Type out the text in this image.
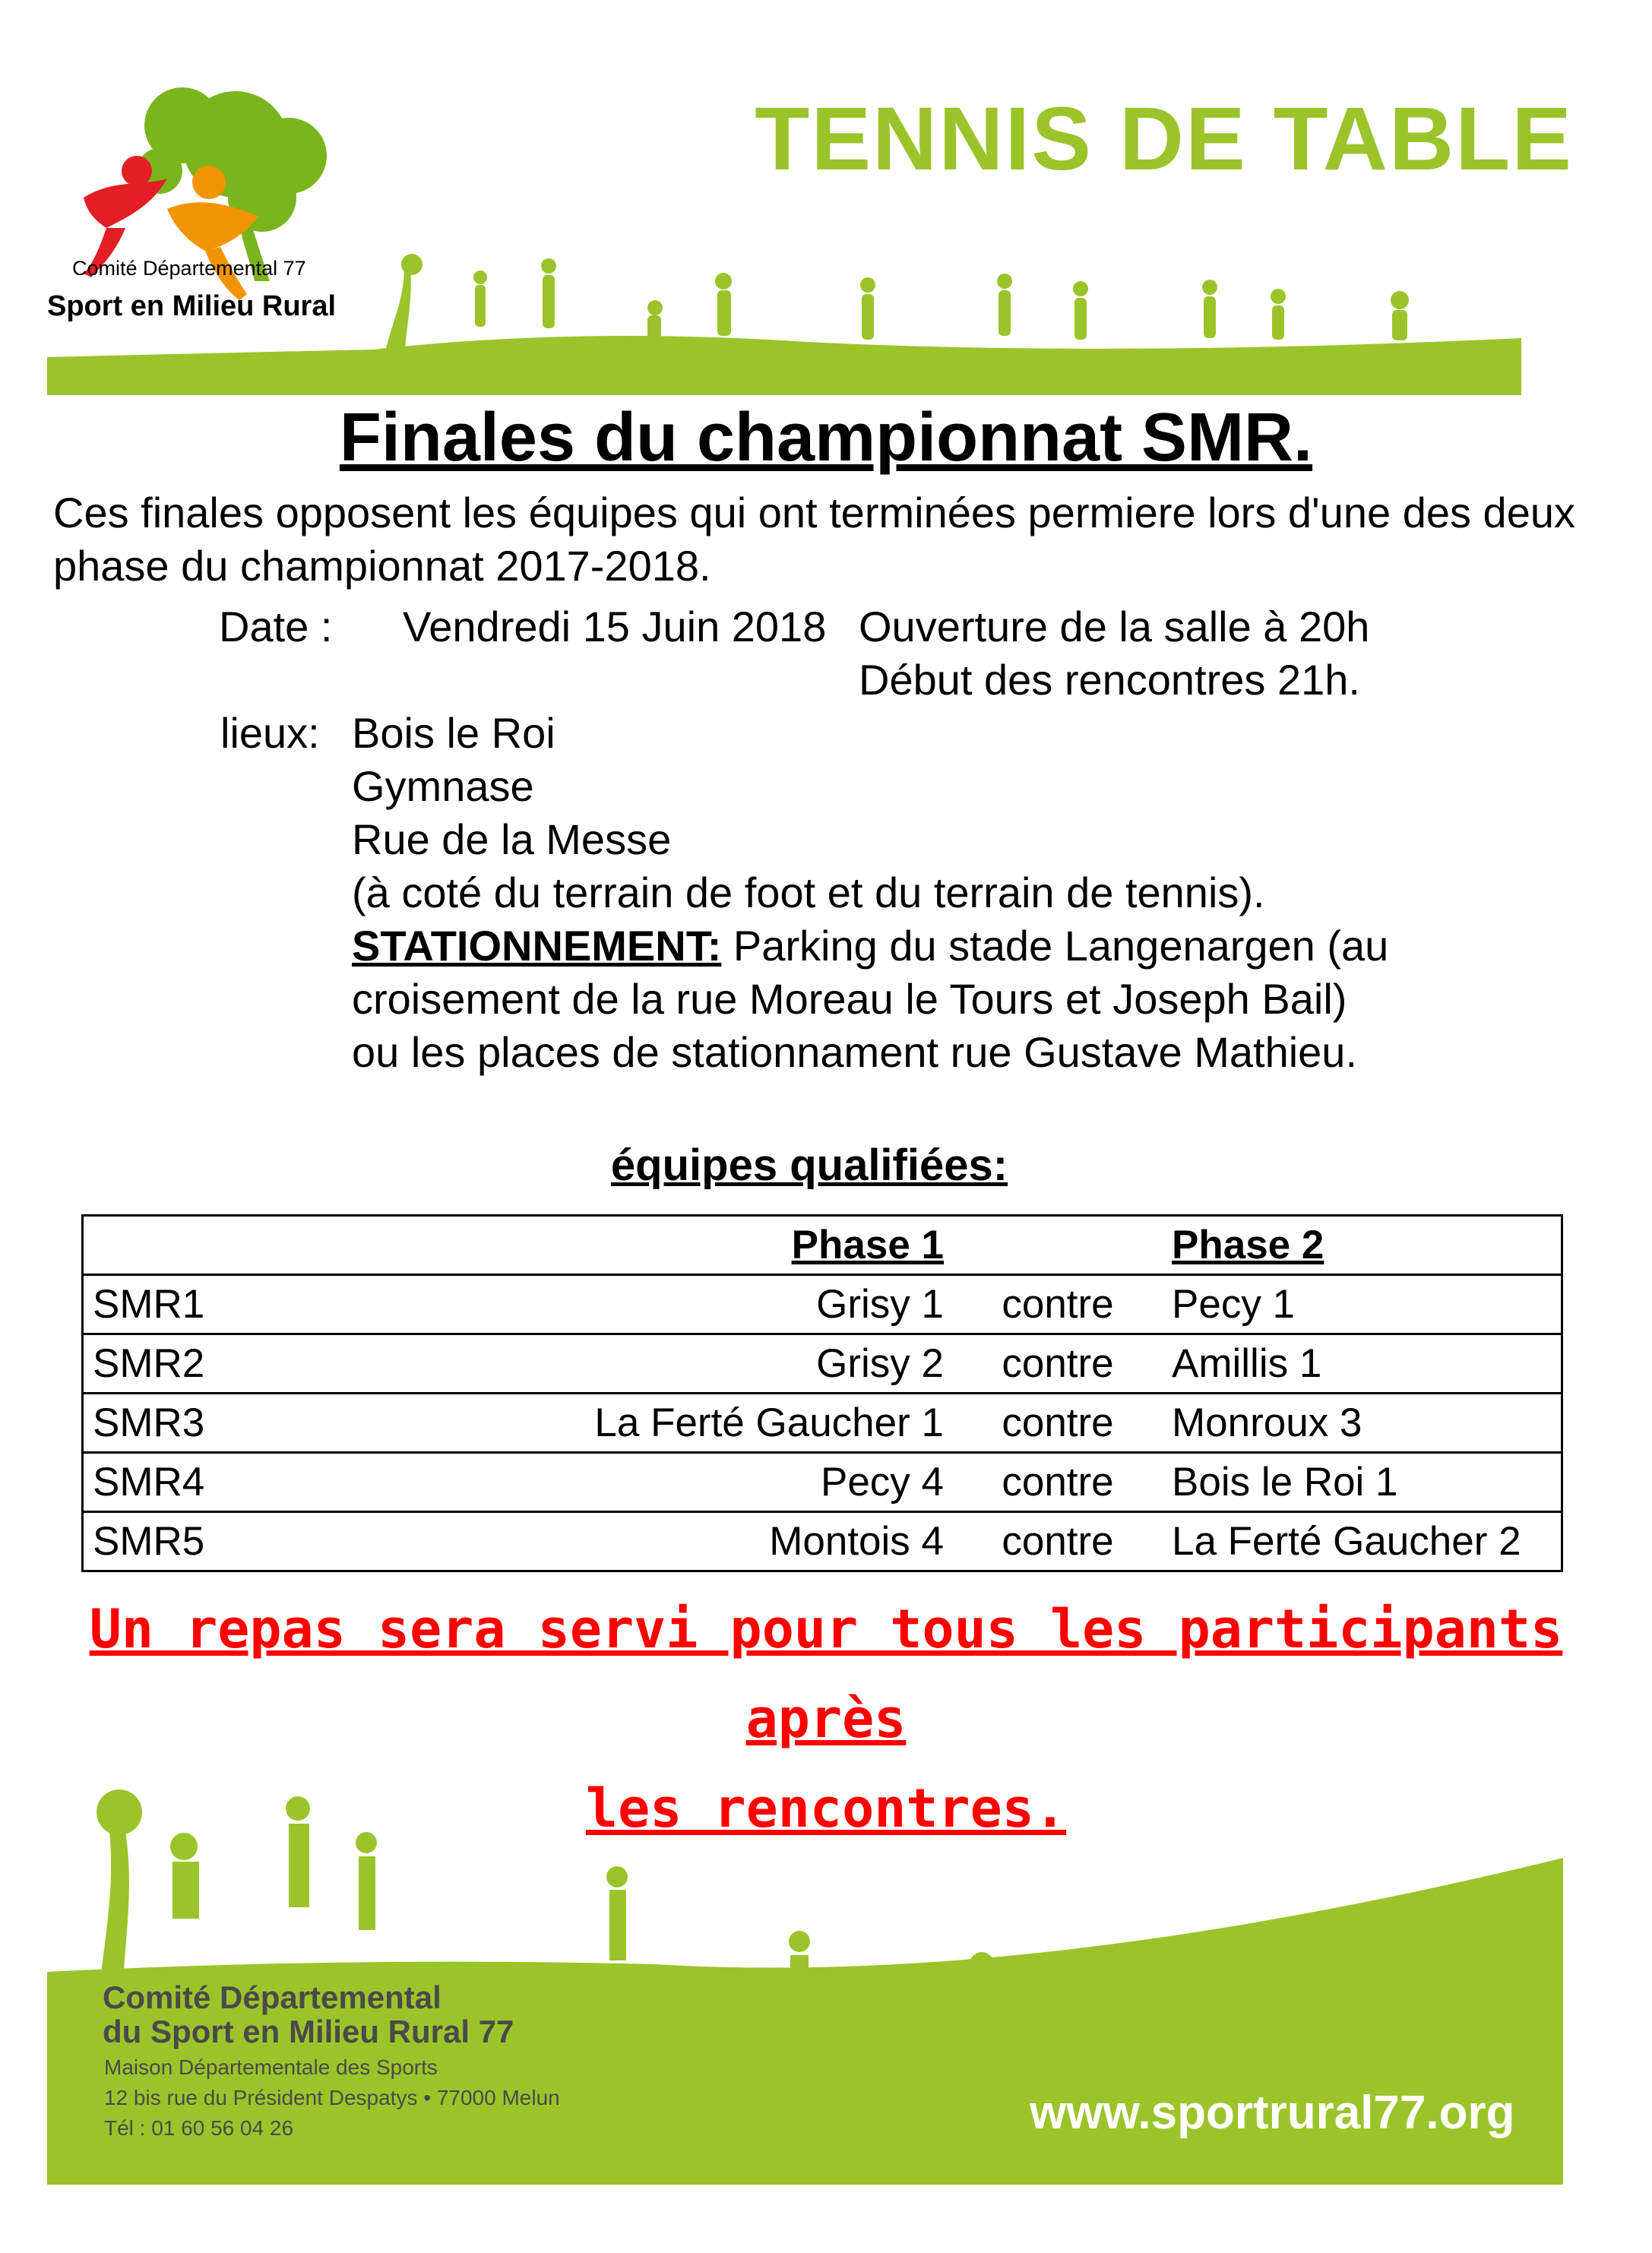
Comité Départemental 77
Sport en Milieu Rural
TENNIS DE TABLE
Finales du championnat SMR.
Ces finales opposent les équipes qui ont terminées permiere lors d'une des deux phase du championnat 2017-2018.
Date : Vendredi 15 Juin 2018 Ouverture de la salle à 20h
Début des rencontres 21h.
lieux: Bois le Roi
Gymnase
Rue de la Messe
(à coté du terrain de foot et du terrain de tennis).
STATIONNEMENT: Parking du stade Langenargen (au
croisement de la rue Moreau le Tours et Joseph Bail)
ou les places de stationnament rue Gustave Mathieu.
équipes qualifiées:
	Phase 1		Phase 2
SMR1	Grisy 1	contre	Pecy 1
SMR2	Grisy 2	contre	Amillis 1
SMR3	La Ferté Gaucher 1	contre	Monroux 3
SMR4	Pecy 4	contre	Bois le Roi 1
SMR5	Montois 4	contre	La Ferté Gaucher 2
Un repas sera servi pour tous les participants après
les rencontres.
Comité Départemental
du Sport en Milieu Rural 77
Maison Départementale des Sports
12 bis rue du Président Despatys • 77000 Melun
Tél : 01 60 56 04 26	www.sportrural77.org
